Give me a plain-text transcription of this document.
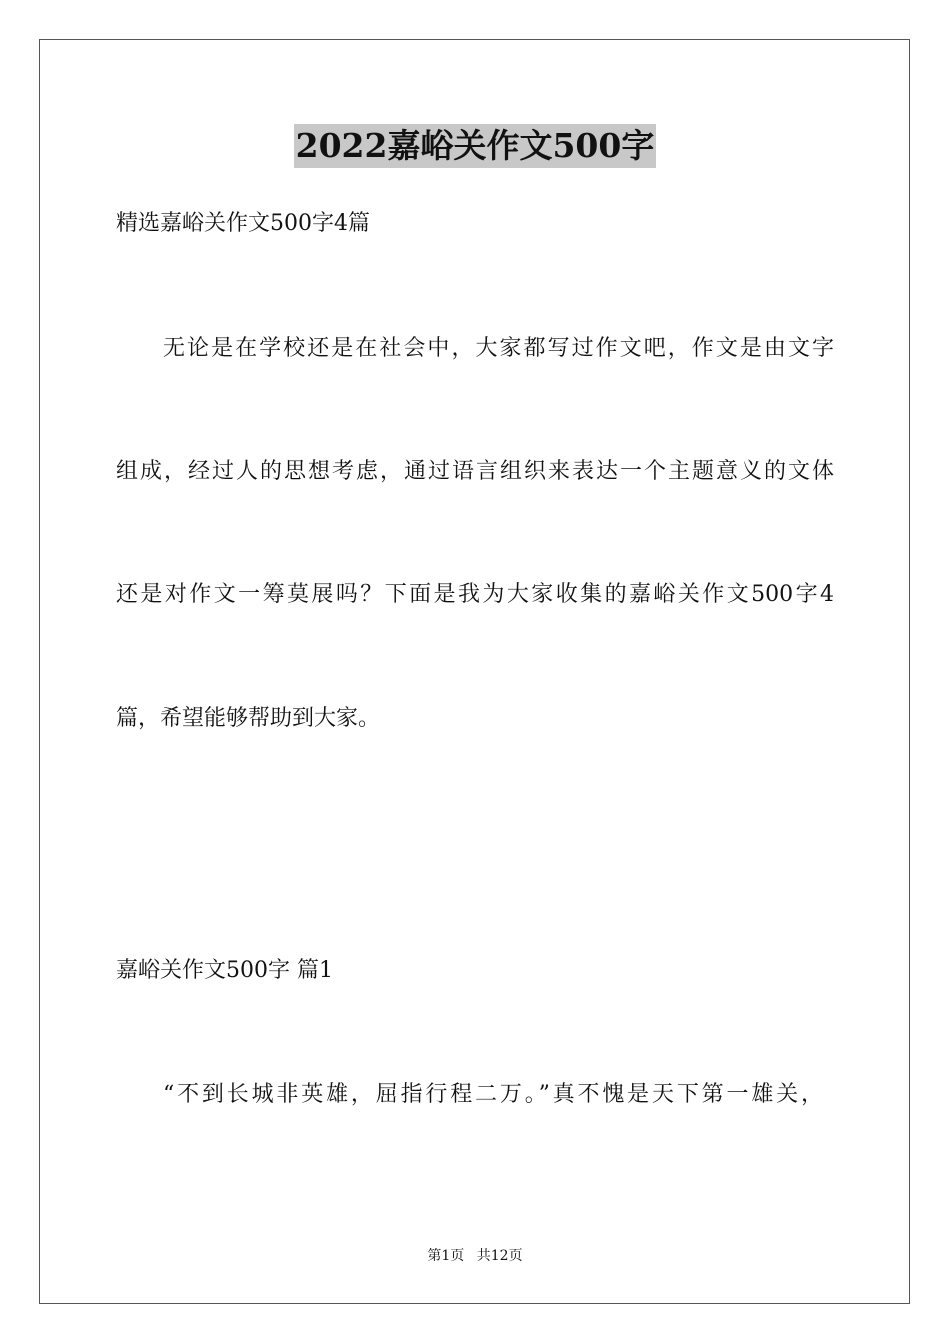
2022嘉峪关作文500字
精选嘉峪关作文500字4篇
无论是在学校还是在社会中，大家都写过作文吧，作文是由文字
组成，经过人的思想考虑，通过语言组织来表达一个主题意义的文体
还是对作文一筹莫展吗？下面是我为大家收集的嘉峪关作文500字4
篇，希望能够帮助到大家。
嘉峪关作文500字 篇1
“不到长城非英雄，屈指行程二万。”真不愧是天下第一雄关，
第1页 共12页
